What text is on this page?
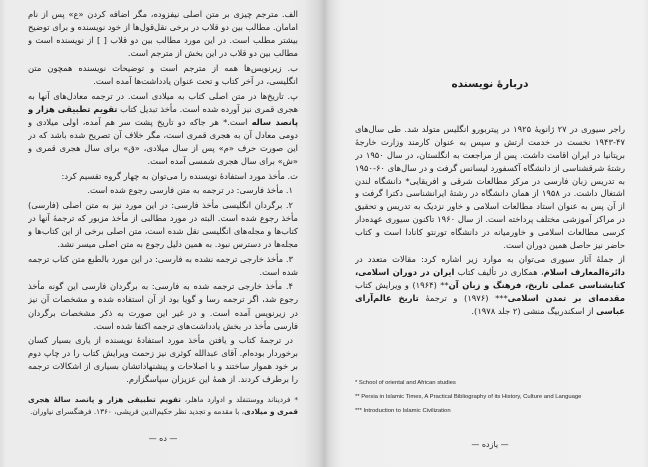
الف. مترجم چیزی بر متن اصلی نیفزوده، مگر اضافه کردن «ع» پس از نام امامان. مطالب بین دو قلاب در برخی نقل‌قول‌ها از خود نویسنده و برای توضیح بیشتر مطلب است. در این مورد مطالب بین دو قلاب [ ] از نویسنده است و مطالب بین دو قلاب در این بخش از مترجم است.

ب. زیرنویس‌ها همه از مترجم است و توضیحات نویسنده همچون متن انگلیسی، در آخر کتاب و تحت عنوان یادداشت‌ها آمده است.

پ. تاریخ‌ها در متن اصلی کتاب به میلادی است. در ترجمه معادل‌های آنها به هجری قمری نیز آورده شده است. مأخذ تبدیل کتاب تقویم تطبیقی هزار و پانصد ساله است.* هر جاکه دو تاریخ پشت سر هم آمده، اولی میلادی و دومی معادل آن به هجری قمری است، مگر خلاف آن تصریح شده باشد که در این صورت حرف «م» پس از سال میلادی، «ق» برای سال هجری قمری و «ش» برای سال هجری شمسی آمده است.

ت. مأخذ مورد استفادهٔ نویسنده را می‌توان به چهار گروه تقسیم کرد:

۱. مأخذ فارسی: در ترجمه به متن فارسی رجوع شده است.

۲. برگردان انگلیسی مأخذ فارسی: در این مورد نیز به متن اصلی (فارسی) مأخذ رجوع شده است. البته در مورد مطالبی از مأخذ مزبور که ترجمهٔ آنها در کتاب‌ها و مجله‌های انگلیسی نقل شده است، متن اصلی برخی از این کتاب‌ها و مجله‌ها در دسترس نبود. به همین دلیل رجوع به متن اصلی میسر نشد.

۳. مأخذ خارجی ترجمه نشده به فارسی: در این مورد بالطبع متن کتاب ترجمه شده است.

۴. مأخذ خارجی ترجمه شده به فارسی: به برگردان فارسی این گونه مأخذ رجوع شد، اگر ترجمه رسا و گویا بود از آن استفاده شده و مشخصات آن نیز در زیرنویس آمده است. و در غیر این صورت به ذکر مشخصات برگردان فارسی مأخذ در بخش یادداشت‌های ترجمه اکتفا شده است.

در ترجمهٔ کتاب و یافتن مأخذ مورد استفادهٔ نویسنده از یاری بسیار کسان برخوردار بوده‌ام. آقای عبدالله کوثری نیز زحمت ویرایش کتاب را در چاپ دوم بر خود هموار ساختند و با اصلاحات و پیشنهاداتشان بسیاری از اشکالات ترجمه را برطرف کردند. از همهٔ این عزیزان سپاسگزارم.

* فردیناند ووستنفلد و ادوارد ماهلر، تقویم تطبیقی هزار و پانصد سالهٔ هجری قمری و میلادی، با مقدمه و تجدید نظر حکیم‌الدین قریشی، ۱۳۶۰. فرهنگسرای نیاوران.

— ده —
دربارهٔ نویسنده

راجر سیوری در ۲۷ ژانویهٔ ۱۹۲۵ در پیتربورو انگلیس متولد شد. طی سال‌های ۴۷-۱۹۴۳ نخست در خدمت ارتش و سپس به عنوان کارمند وزارت خارجهٔ بریتانیا در ایران اقامت داشت. پس از مراجعت به انگلستان، در سال ۱۹۵۰ در رشتهٔ شرقشناسی از دانشگاه آکسفورد لیسانس گرفت و در سال‌های ۶۰-۱۹۵۰ به تدریس زبان فارسی در مرکز مطالعات شرقی و افریقایی* دانشگاه لندن اشتغال داشت. در ۱۹۵۸ از همان دانشگاه در رشتهٔ ایرانشناسی دکترا گرفت و از آن پس به عنوان استاد مطالعات اسلامی و خاور نزدیک به تدریس و تحقیق در مراکز آموزشی مختلف پرداخته است. از سال ۱۹۶۰ تاکنون سیوری عهده‌دار کرسی مطالعات اسلامی و خاورمیانه در دانشگاه تورنتو کانادا است و کتاب حاضر نیز حاصل همین دوران است.

از جملهٔ آثار سیوری می‌توان به موارد زیر اشاره کرد: مقالات متعدد در دائرةالمعارف اسلام، همکاری در تألیف کتاب ایران در دوران اسلامی، کتابشناسی عملی تاریخ، فرهنگ و زبان آن** (۱۹۶۴) و ویرایش کتاب مقدمه‌ای بر تمدن اسلامی*** (۱۹۷۶) و ترجمهٔ تاریخ عالم‌آرای عباسی از اسکندربیگ منشی (۲ جلد ۱۹۷۸).

* School of oriental and African studies
** Persia in Islamic Times, A Practical Bibliography of its History, Culture and Language
*** Introduction to Islamic Civilization
— یازده —
